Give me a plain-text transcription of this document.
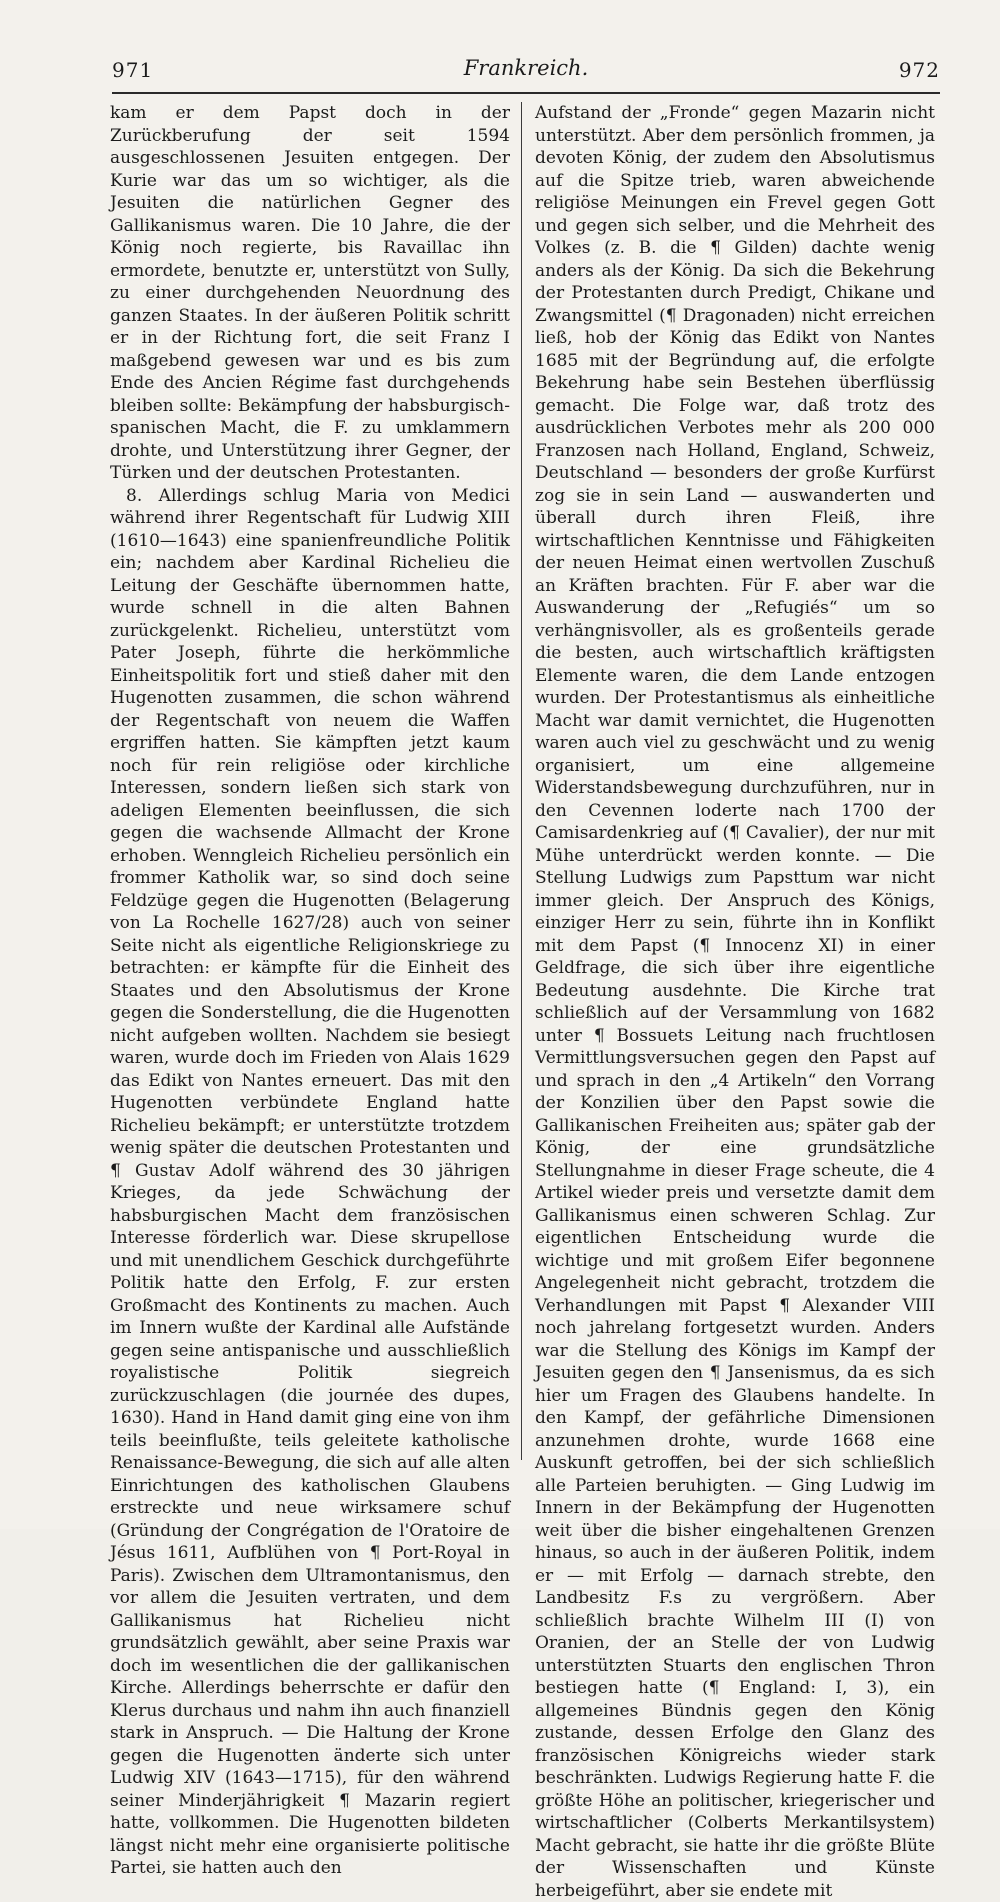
971	Frankreich.	972

kam er dem Papst doch in der Zurückberufung der seit 1594 ausgeschlossenen Jesuiten entgegen. Der Kurie war das um so wichtiger, als die Jesuiten die natürlichen Gegner des Gallikanismus waren. Die 10 Jahre, die der König noch regierte, bis Ravaillac ihn ermordete, benutzte er, unterstützt von Sully, zu einer durchgehenden Neuordnung des ganzen Staates. In der äußeren Politik schritt er in der Richtung fort, die seit Franz I maßgebend gewesen war und es bis zum Ende des Ancien Régime fast durchgehends bleiben sollte: Bekämpfung der habsburgisch-spanischen Macht, die F. zu umklammern drohte, und Unterstützung ihrer Gegner, der Türken und der deutschen Protestanten.

8. Allerdings schlug Maria von Medici während ihrer Regentschaft für Ludwig XIII (1610—1643) eine spanienfreundliche Politik ein; nachdem aber Kardinal Richelieu die Leitung der Geschäfte übernommen hatte, wurde schnell in die alten Bahnen zurückgelenkt. Richelieu, unterstützt vom Pater Joseph, führte die herkömmliche Einheitspolitik fort und stieß daher mit den Hugenotten zusammen, die schon während der Regentschaft von neuem die Waffen ergriffen hatten. Sie kämpften jetzt kaum noch für rein religiöse oder kirchliche Interessen, sondern ließen sich stark von adeligen Elementen beeinflussen, die sich gegen die wachsende Allmacht der Krone erhoben. Wenngleich Richelieu persönlich ein frommer Katholik war, so sind doch seine Feldzüge gegen die Hugenotten (Belagerung von La Rochelle 1627/28) auch von seiner Seite nicht als eigentliche Religionskriege zu betrachten: er kämpfte für die Einheit des Staates und den Absolutismus der Krone gegen die Sonderstellung, die die Hugenotten nicht aufgeben wollten. Nachdem sie besiegt waren, wurde doch im Frieden von Alais 1629 das Edikt von Nantes erneuert. Das mit den Hugenotten verbündete England hatte Richelieu bekämpft; er unterstützte trotzdem wenig später die deutschen Protestanten und ¶ Gustav Adolf während des 30 jährigen Krieges, da jede Schwächung der habsburgischen Macht dem französischen Interesse förderlich war. Diese skrupellose und mit unendlichem Geschick durchgeführte Politik hatte den Erfolg, F. zur ersten Großmacht des Kontinents zu machen. Auch im Innern wußte der Kardinal alle Aufstände gegen seine antispanische und ausschließlich royalistische Politik siegreich zurückzuschlagen (die journée des dupes, 1630). Hand in Hand damit ging eine von ihm teils beeinflußte, teils geleitete katholische Renaissance-Bewegung, die sich auf alle alten Einrichtungen des katholischen Glaubens erstreckte und neue wirksamere schuf (Gründung der Congrégation de l'Oratoire de Jésus 1611, Aufblühen von ¶ Port-Royal in Paris). Zwischen dem Ultramontanismus, den vor allem die Jesuiten vertraten, und dem Gallikanismus hat Richelieu nicht grundsätzlich gewählt, aber seine Praxis war doch im wesentlichen die der gallikanischen Kirche. Allerdings beherrschte er dafür den Klerus durchaus und nahm ihn auch finanziell stark in Anspruch. — Die Haltung der Krone gegen die Hugenotten änderte sich unter Ludwig XIV (1643—1715), für den während seiner Minderjährigkeit ¶ Mazarin regiert hatte, vollkommen. Die Hugenotten bildeten längst nicht mehr eine organisierte politische Partei, sie hatten auch den

Aufstand der „Fronde“ gegen Mazarin nicht unterstützt. Aber dem persönlich frommen, ja devoten König, der zudem den Absolutismus auf die Spitze trieb, waren abweichende religiöse Meinungen ein Frevel gegen Gott und gegen sich selber, und die Mehrheit des Volkes (z. B. die ¶ Gilden) dachte wenig anders als der König. Da sich die Bekehrung der Protestanten durch Predigt, Chikane und Zwangsmittel (¶ Dragonaden) nicht erreichen ließ, hob der König das Edikt von Nantes 1685 mit der Begründung auf, die erfolgte Bekehrung habe sein Bestehen überflüssig gemacht. Die Folge war, daß trotz des ausdrücklichen Verbotes mehr als 200 000 Franzosen nach Holland, England, Schweiz, Deutschland — besonders der große Kurfürst zog sie in sein Land — auswanderten und überall durch ihren Fleiß, ihre wirtschaftlichen Kenntnisse und Fähigkeiten der neuen Heimat einen wertvollen Zuschuß an Kräften brachten. Für F. aber war die Auswanderung der „Refugiés“ um so verhängnisvoller, als es großenteils gerade die besten, auch wirtschaftlich kräftigsten Elemente waren, die dem Lande entzogen wurden. Der Protestantismus als einheitliche Macht war damit vernichtet, die Hugenotten waren auch viel zu geschwächt und zu wenig organisiert, um eine allgemeine Widerstandsbewegung durchzuführen, nur in den Cevennen loderte nach 1700 der Camisardenkrieg auf (¶ Cavalier), der nur mit Mühe unterdrückt werden konnte. — Die Stellung Ludwigs zum Papsttum war nicht immer gleich. Der Anspruch des Königs, einziger Herr zu sein, führte ihn in Konflikt mit dem Papst (¶ Innocenz XI) in einer Geldfrage, die sich über ihre eigentliche Bedeutung ausdehnte. Die Kirche trat schließlich auf der Versammlung von 1682 unter ¶ Bossuets Leitung nach fruchtlosen Vermittlungsversuchen gegen den Papst auf und sprach in den „4 Artikeln“ den Vorrang der Konzilien über den Papst sowie die Gallikanischen Freiheiten aus; später gab der König, der eine grundsätzliche Stellungnahme in dieser Frage scheute, die 4 Artikel wieder preis und versetzte damit dem Gallikanismus einen schweren Schlag. Zur eigentlichen Entscheidung wurde die wichtige und mit großem Eifer begonnene Angelegenheit nicht gebracht, trotzdem die Verhandlungen mit Papst ¶ Alexander VIII noch jahrelang fortgesetzt wurden. Anders war die Stellung des Königs im Kampf der Jesuiten gegen den ¶ Jansenismus, da es sich hier um Fragen des Glaubens handelte. In den Kampf, der gefährliche Dimensionen anzunehmen drohte, wurde 1668 eine Auskunft getroffen, bei der sich schließlich alle Parteien beruhigten. — Ging Ludwig im Innern in der Bekämpfung der Hugenotten weit über die bisher eingehaltenen Grenzen hinaus, so auch in der äußeren Politik, indem er — mit Erfolg — darnach strebte, den Landbesitz F.s zu vergrößern. Aber schließlich brachte Wilhelm III (I) von Oranien, der an Stelle der von Ludwig unterstützten Stuarts den englischen Thron bestiegen hatte (¶ England: I, 3), ein allgemeines Bündnis gegen den König zustande, dessen Erfolge den Glanz des französischen Königreichs wieder stark beschränkten. Ludwigs Regierung hatte F. die größte Höhe an politischer, kriegerischer und wirtschaftlicher (Colberts Merkantilsystem) Macht gebracht, sie hatte ihr die größte Blüte der Wissenschaften und Künste herbeigeführt, aber sie endete mit
